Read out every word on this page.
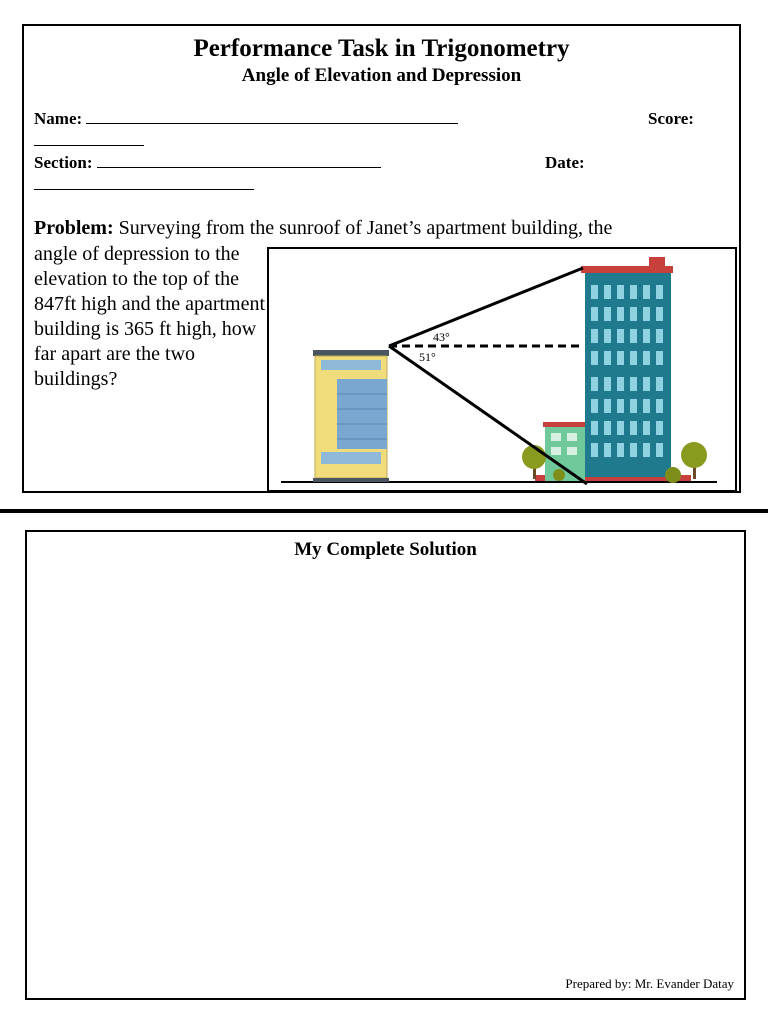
Performance Task in Trigonometry
Angle of Elevation and Depression
Name:	Score:
Section:	Date:
Problem: Surveying from the sunroof of Janet’s apartment building, the
angle of depression to the elevation to the top of the 847ft high and the apartment building is 365 ft high, how far apart are the two buildings?
43°
51°
My Complete Solution
Prepared by: Mr. Evander Datay
